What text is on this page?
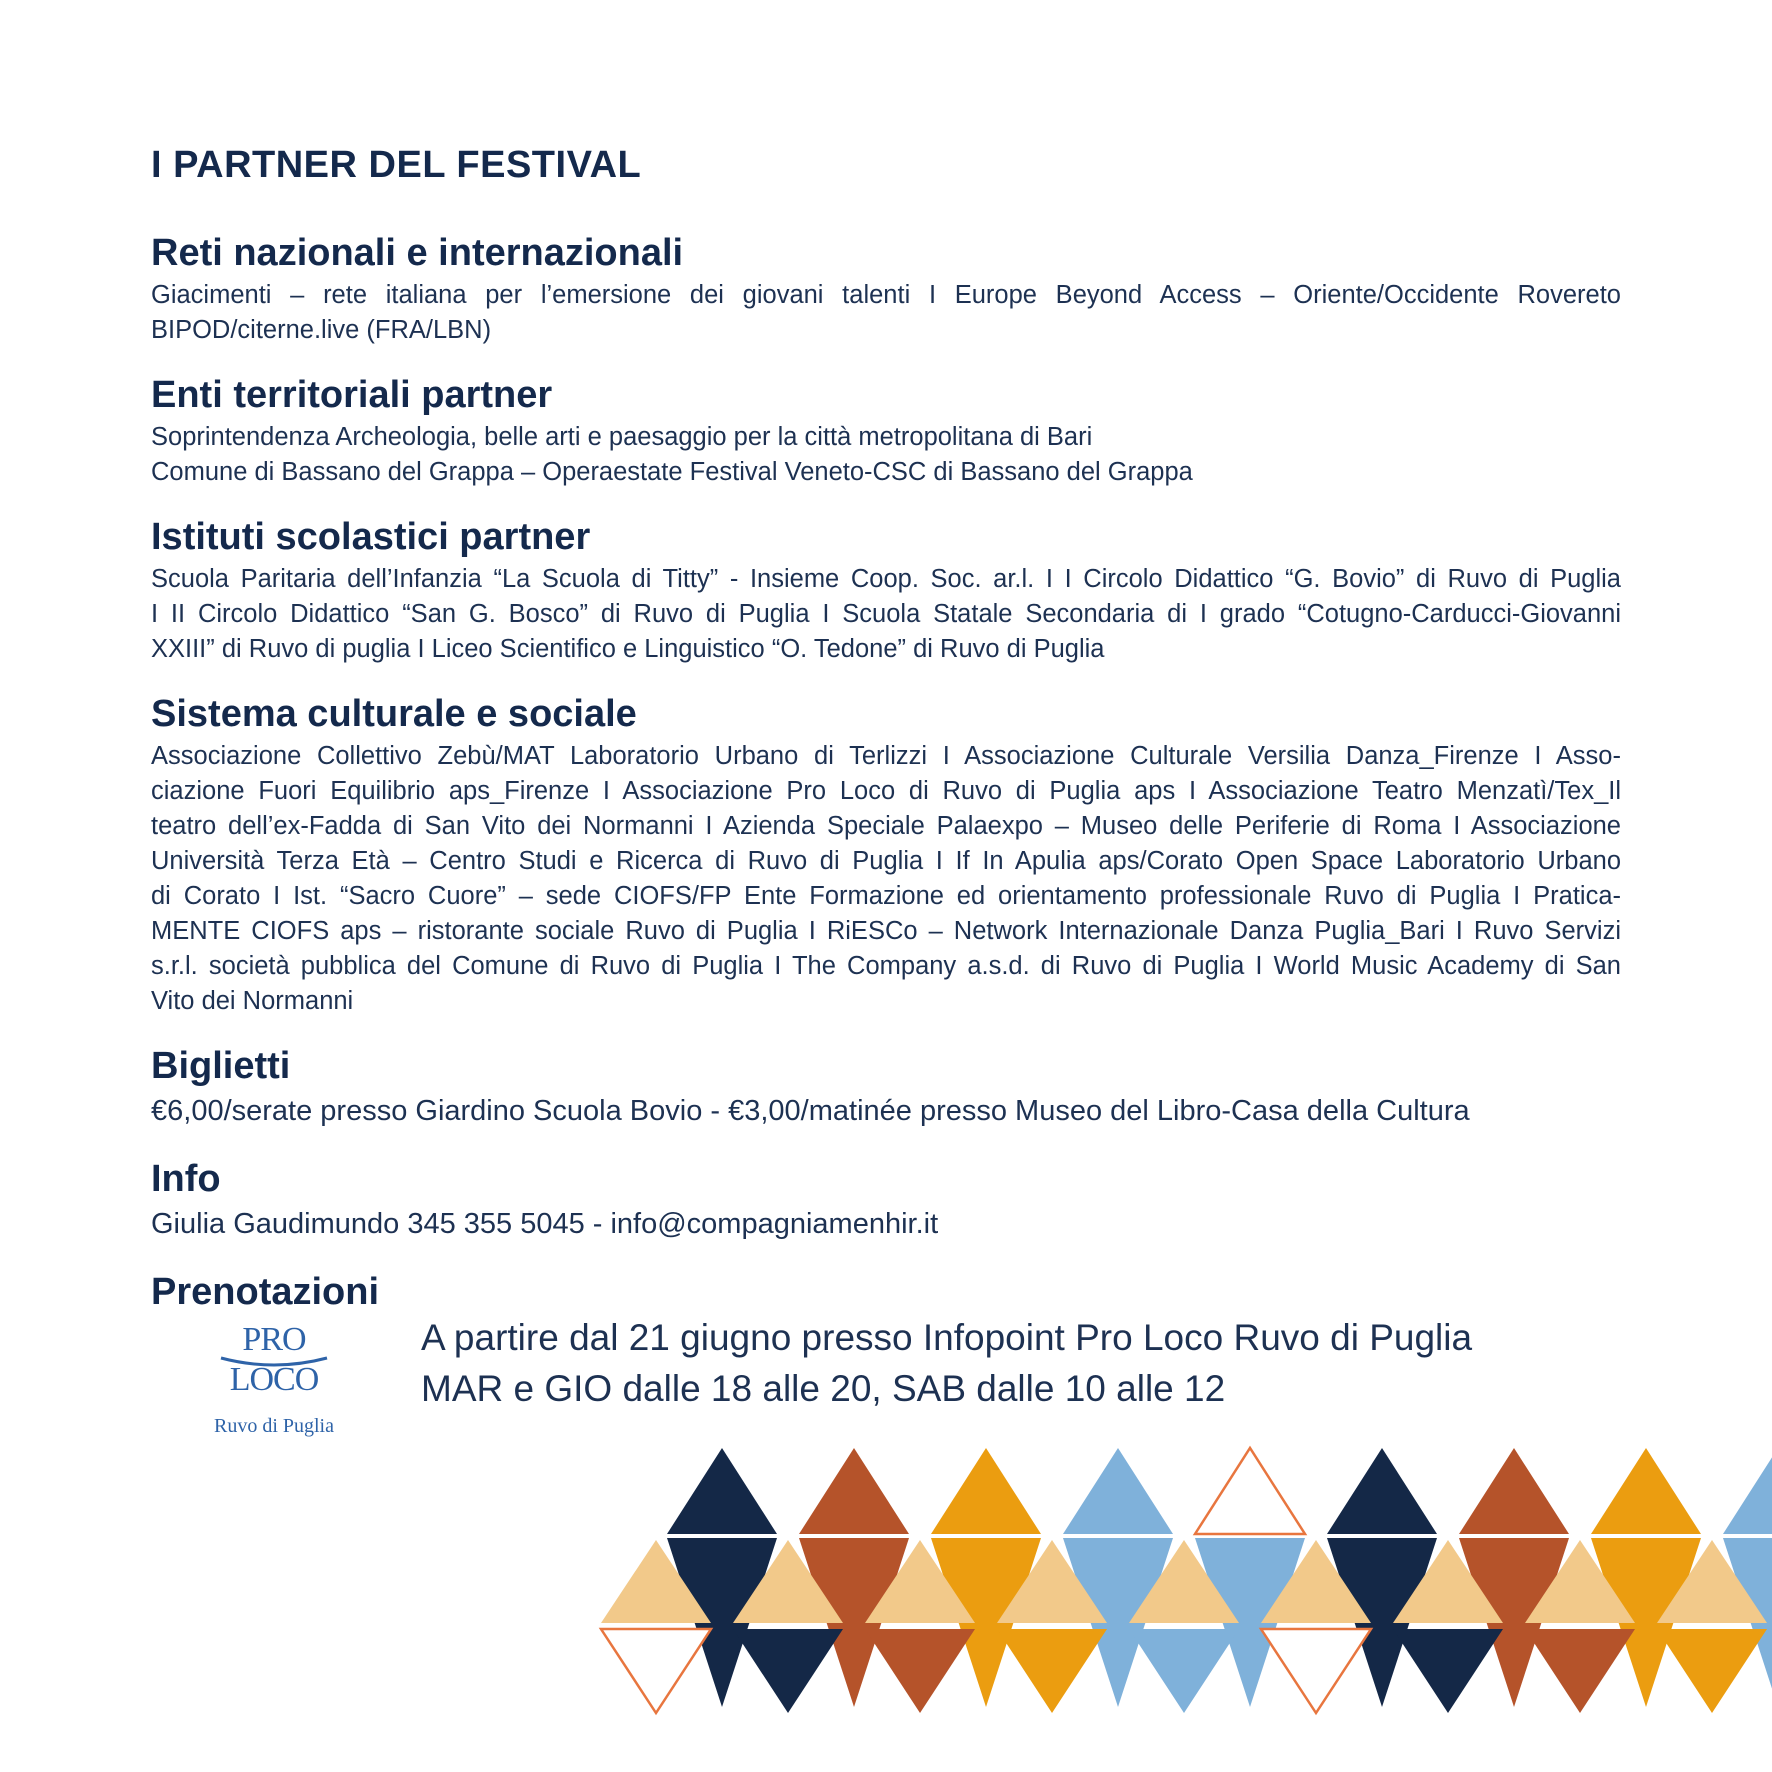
I PARTNER DEL FESTIVAL
Reti nazionali e internazionali

Giacimenti – rete italiana per l’emersione dei giovani talenti I Europe Beyond Access – Oriente/Occidente Rovereto
BIPOD/citerne.live (FRA/LBN)

Enti territoriali partner

Soprintendenza Archeologia, belle arti e paesaggio per la città metropolitana di Bari
Comune di Bassano del Grappa – Operaestate Festival Veneto-CSC di Bassano del Grappa

Istituti scolastici partner

Scuola Paritaria dell’Infanzia “La Scuola di Titty” - Insieme Coop. Soc. ar.l. I I Circolo Didattico “G. Bovio” di Ruvo di Puglia
I II Circolo Didattico “San G. Bosco” di Ruvo di Puglia I Scuola Statale Secondaria di I grado “Cotugno-Carducci-Giovanni
XXIII” di Ruvo di puglia I Liceo Scientifico e Linguistico “O. Tedone” di Ruvo di Puglia

Sistema culturale e sociale

Associazione Collettivo Zebù/MAT Laboratorio Urbano di Terlizzi I Associazione Culturale Versilia Danza_Firenze I Asso-
ciazione Fuori Equilibrio aps_Firenze I Associazione Pro Loco di Ruvo di Puglia aps I Associazione Teatro Menzatì/Tex_Il
teatro dell’ex-Fadda di San Vito dei Normanni I Azienda Speciale Palaexpo – Museo delle Periferie di Roma I Associazione
Università Terza Età – Centro Studi e Ricerca di Ruvo di Puglia I If In Apulia aps/Corato Open Space Laboratorio Urbano
di Corato I Ist. “Sacro Cuore” – sede CIOFS/FP Ente Formazione ed orientamento professionale Ruvo di Puglia I Pratica-
MENTE CIOFS aps – ristorante sociale Ruvo di Puglia I RiESCo – Network Internazionale Danza Puglia_Bari I Ruvo Servizi
s.r.l. società pubblica del Comune di Ruvo di Puglia I The Company a.s.d. di Ruvo di Puglia I World Music Academy di San
Vito dei Normanni

Biglietti

€6,00/serate presso Giardino Scuola Bovio - €3,00/matinée presso Museo del Libro-Casa della Cultura

Info

Giulia Gaudimundo 345 355 5045 - info@compagniamenhir.it

Prenotazioni
PRO LOCO
Ruvo di Puglia
A partire dal 21 giugno presso Infopoint Pro Loco Ruvo di Puglia
MAR e GIO dalle 18 alle 20, SAB dalle 10 alle 12
